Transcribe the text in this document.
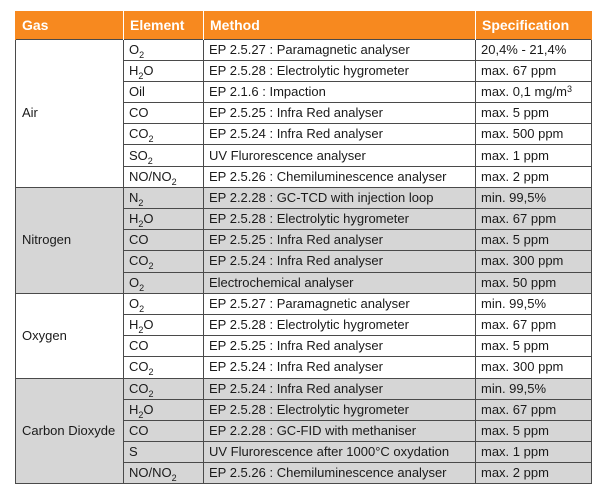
Gas	Element	Method	Specification
Air	$O_2$	EP 2.5.27 : Paramagnetic analyser	20,4% - 21,4%
	$H_2O$	EP 2.5.28 : Electrolytic hygrometer	max. 67 ppm
	Oil	EP 2.1.6 : Impaction	max. 0,1 $mg/m^3$
	CO	EP 2.5.25 : Infra Red analyser	max. 5 ppm
	$CO_2$	EP 2.5.24 : Infra Red analyser	max. 500 ppm
	$SO_2$	UV Flurorescence analyser	max. 1 ppm
	$NO/NO_2$	EP 2.5.26 : Chemiluminescence analyser	max. 2 ppm
Nitrogen	$N_2$	EP 2.2.28 : GC-TCD with injection loop	min. 99,5%
	$H_2O$	EP 2.5.28 : Electrolytic hygrometer	max. 67 ppm
	CO	EP 2.5.25 : Infra Red analyser	max. 5 ppm
	$CO_2$	EP 2.5.24 : Infra Red analyser	max. 300 ppm
	$O_2$	Electrochemical analyser	max. 50 ppm
Oxygen	$O_2$	EP 2.5.27 : Paramagnetic analyser	min. 99,5%
	$H_2O$	EP 2.5.28 : Electrolytic hygrometer	max. 67 ppm
	CO	EP 2.5.25 : Infra Red analyser	max. 5 ppm
	$CO_2$	EP 2.5.24 : Infra Red analyser	max. 300 ppm
Carbon Dioxyde	$CO_2$	EP 2.5.24 : Infra Red analyser	min. 99,5%
	$H_2O$	EP 2.5.28 : Electrolytic hygrometer	max. 67 ppm
	CO	EP 2.2.28 : GC-FID with methaniser	max. 5 ppm
	S	UV Flurorescence after 1000°C oxydation	max. 1 ppm
	$NO/NO_2$	EP 2.5.26 : Chemiluminescence analyser	max. 2 ppm
